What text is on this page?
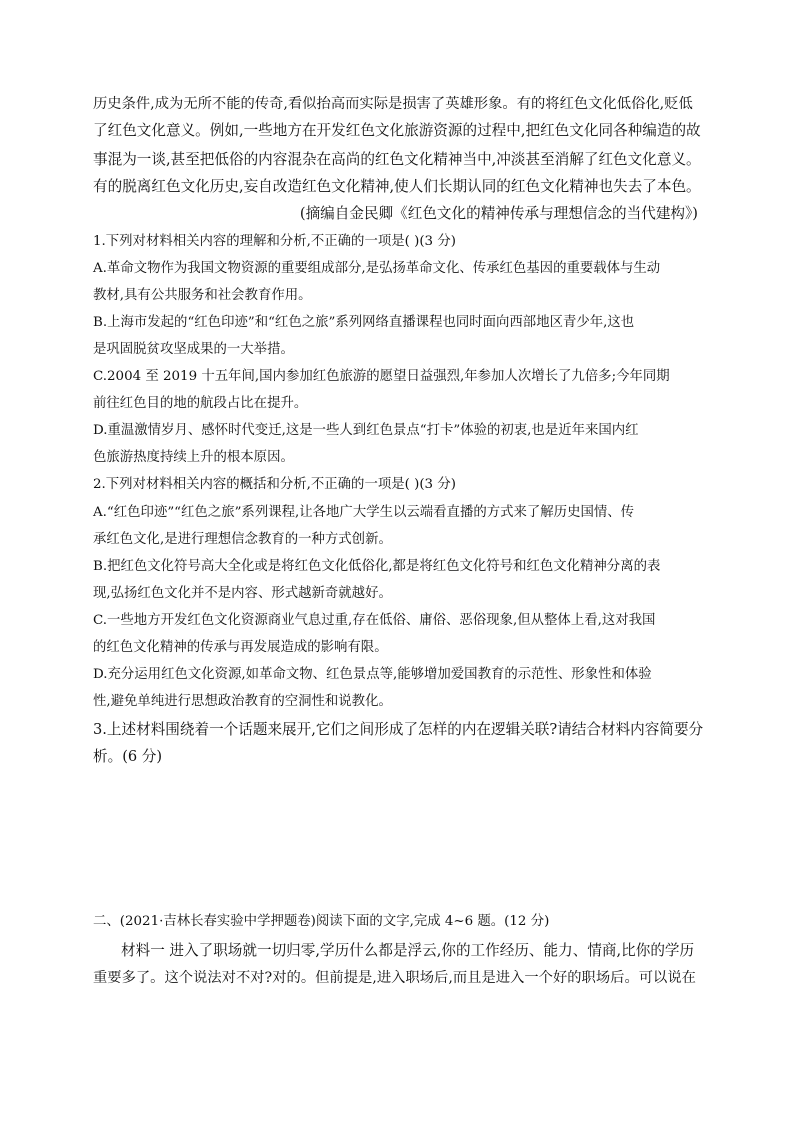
历史条件,成为无所不能的传奇,看似抬高而实际是损害了英雄形象。有的将红色文化低俗化,贬低
了红色文化意义。例如,一些地方在开发红色文化旅游资源的过程中,把红色文化同各种编造的故
事混为一谈,甚至把低俗的内容混杂在高尚的红色文化精神当中,冲淡甚至消解了红色文化意义。
有的脱离红色文化历史,妄自改造红色文化精神,使人们长期认同的红色文化精神也失去了本色。
(摘编自金民卿《红色文化的精神传承与理想信念的当代建构》)
1.下列对材料相关内容的理解和分析,不正确的一项是( )(3 分)
A.革命文物作为我国文物资源的重要组成部分,是弘扬革命文化、传承红色基因的重要载体与生动
教材,具有公共服务和社会教育作用。
B.上海市发起的“红色印迹”和“红色之旅”系列网络直播课程也同时面向西部地区青少年,这也
是巩固脱贫攻坚成果的一大举措。
C.2004 至 2019 十五年间,国内参加红色旅游的愿望日益强烈,年参加人次增长了九倍多;今年同期
前往红色目的地的航段占比在提升。
D.重温激情岁月、感怀时代变迁,这是一些人到红色景点“打卡”体验的初衷,也是近年来国内红
色旅游热度持续上升的根本原因。
2.下列对材料相关内容的概括和分析,不正确的一项是( )(3 分)
A.“红色印迹”“红色之旅”系列课程,让各地广大学生以云端看直播的方式来了解历史国情、传
承红色文化,是进行理想信念教育的一种方式创新。
B.把红色文化符号高大全化或是将红色文化低俗化,都是将红色文化符号和红色文化精神分离的表
现,弘扬红色文化并不是内容、形式越新奇就越好。
C.一些地方开发红色文化资源商业气息过重,存在低俗、庸俗、恶俗现象,但从整体上看,这对我国
的红色文化精神的传承与再发展造成的影响有限。
D.充分运用红色文化资源,如革命文物、红色景点等,能够增加爱国教育的示范性、形象性和体验
性,避免单纯进行思想政治教育的空洞性和说教化。
3.上述材料围绕着一个话题来展开,它们之间形成了怎样的内在逻辑关联?请结合材料内容简要分
析。(6 分)
二、(2021·吉林长春实验中学押题卷)阅读下面的文字,完成 4~6 题。(12 分)
材料一 进入了职场就一切归零,学历什么都是浮云,你的工作经历、能力、情商,比你的学历
重要多了。这个说法对不对?对的。但前提是,进入职场后,而且是进入一个好的职场后。可以说在
